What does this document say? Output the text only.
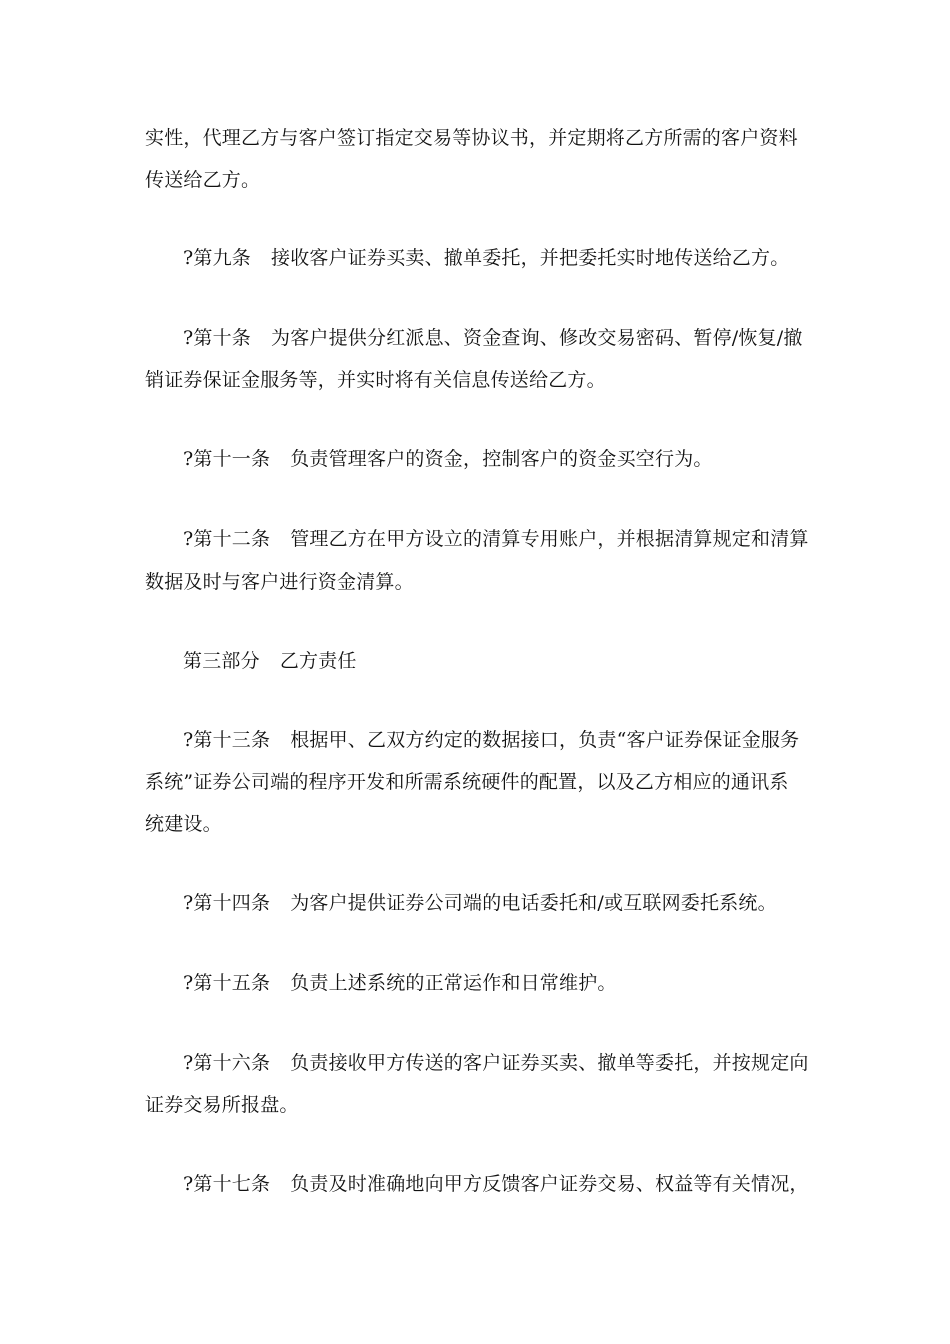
实性，代理乙方与客户签订指定交易等协议书，并定期将乙方所需的客户资料
传送给乙方。
?第九条 接收客户证券买卖、撤单委托，并把委托实时地传送给乙方。
?第十条 为客户提供分红派息、资金查询、修改交易密码、暂停/恢复/撤
销证券保证金服务等，并实时将有关信息传送给乙方。
?第十一条 负责管理客户的资金，控制客户的资金买空行为。
?第十二条 管理乙方在甲方设立的清算专用账户，并根据清算规定和清算
数据及时与客户进行资金清算。
第三部分 乙方责任
?第十三条 根据甲、乙双方约定的数据接口，负责“客户证券保证金服务
系统”证券公司端的程序开发和所需系统硬件的配置，以及乙方相应的通讯系
统建设。
?第十四条 为客户提供证券公司端的电话委托和/或互联网委托系统。
?第十五条 负责上述系统的正常运作和日常维护。
?第十六条 负责接收甲方传送的客户证券买卖、撤单等委托，并按规定向
证券交易所报盘。
?第十七条 负责及时准确地向甲方反馈客户证券交易、权益等有关情况，
